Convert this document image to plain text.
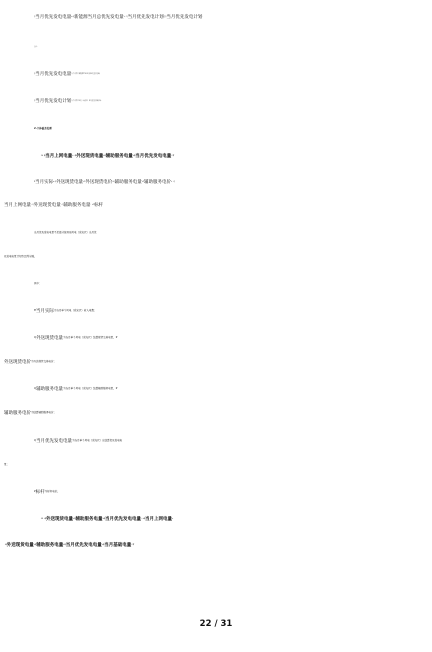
Q当月优先发电电量= Q新能源当月总优先发电量×（Q当月优先发电计划/∑Q当月优先发电计划）
其中：
Q当月优先发电电量为当月单个新能源企业应结算优先发电电量；
Q当月优先发电计划为当月单个风电（或光伏）优先发电电量计划。
2.个体偏差处理
（1）Q当月上网电量≤（Q外送现货电量+Q辅助服务电量+Q当月优先发电电量）时
R当月实际= Q外送现货电量×P外送现货电价+Q辅助服务电量×P辅助服务电价+（Q
当月上网电量—Q外送现货电量—Q辅助服务电量）×P标杆
当月优先发电电量不足部分按其他风电（或光伏）当月优
先发电电量计划等比例分摊。
其中：
R当月实际为当月单个风电（或光伏）收入电费；
Q外送现货电量为当月单个风电（或光伏）结算现货交易电量，P
外送现货电价为外送现货交易电价；
Q辅助服务电量为当月单个风电（或光伏）结算辅助服务电量，P
辅助服务电价为结算辅助服务电价；
Q当月优先发电电量为当月单个风电（或光伏）应结算优先发电电
量；
P标杆为标杆电价。
（2）（Q外送现货电量+Q辅助服务电量+Q当月优先发电电量）<Q当月上网电量≤
（Q外送现货电量+Q辅助服务电量+Q当月优先发电电量+Q当月基础电量）时
22 / 31
